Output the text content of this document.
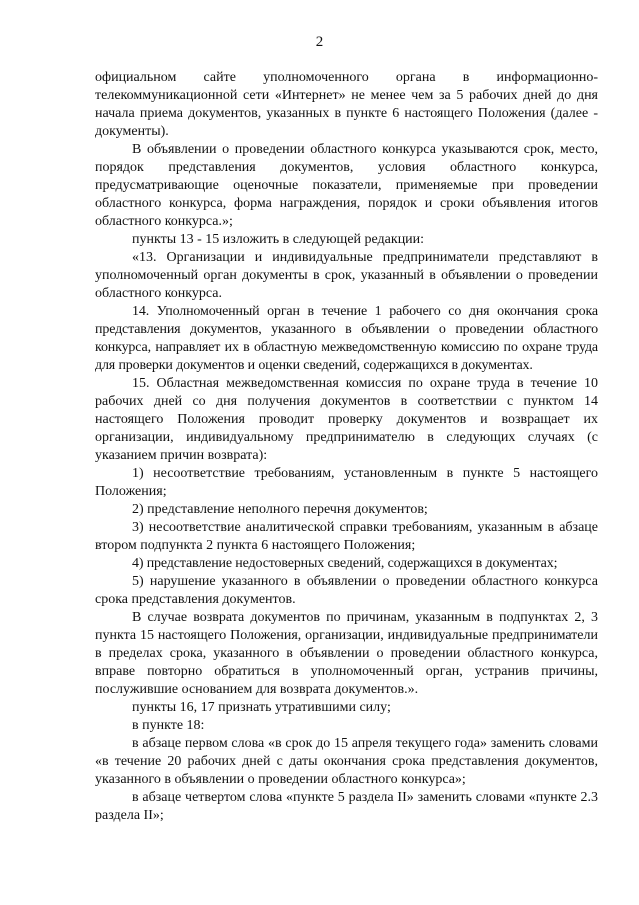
2

официальном сайте уполномоченного органа в информационно-телекоммуникационной сети «Интернет» не менее чем за 5 рабочих дней до дня начала приема документов, указанных в пункте 6 настоящего Положения (далее - документы).

В объявлении о проведении областного конкурса указываются срок, место, порядок представления документов, условия областного конкурса, предусматривающие оценочные показатели, применяемые при проведении областного конкурса, форма награждения, порядок и сроки объявления итогов областного конкурса.»;

пункты 13 - 15 изложить в следующей редакции:

«13. Организации и индивидуальные предприниматели представляют в уполномоченный орган документы в срок, указанный в объявлении о проведении областного конкурса.

14. Уполномоченный орган в течение 1 рабочего со дня окончания срока представления документов, указанного в объявлении о проведении областного конкурса, направляет их в областную межведомственную комиссию по охране труда для проверки документов и оценки сведений, содержащихся в документах.

15. Областная межведомственная комиссия по охране труда в течение 10 рабочих дней со дня получения документов в соответствии с пунктом 14 настоящего Положения проводит проверку документов и возвращает их организации, индивидуальному предпринимателю в следующих случаях (с указанием причин возврата):

1) несоответствие требованиям, установленным в пункте 5 настоящего Положения;

2) представление неполного перечня документов;

3) несоответствие аналитической справки требованиям, указанным в абзаце втором подпункта 2 пункта 6 настоящего Положения;

4) представление недостоверных сведений, содержащихся в документах;

5) нарушение указанного в объявлении о проведении областного конкурса срока представления документов.

В случае возврата документов по причинам, указанным в подпунктах 2, 3 пункта 15 настоящего Положения, организации, индивидуальные предприниматели в пределах срока, указанного в объявлении о проведении областного конкурса, вправе повторно обратиться в уполномоченный орган, устранив причины, послужившие основанием для возврата документов.».

пункты 16, 17 признать утратившими силу;

в пункте 18:

в абзаце первом слова «в срок до 15 апреля текущего года» заменить словами «в течение 20 рабочих дней с даты окончания срока представления документов, указанного в объявлении о проведении областного конкурса»;

в абзаце четвертом слова «пункте 5 раздела II» заменить словами «пункте 2.3 раздела II»;
